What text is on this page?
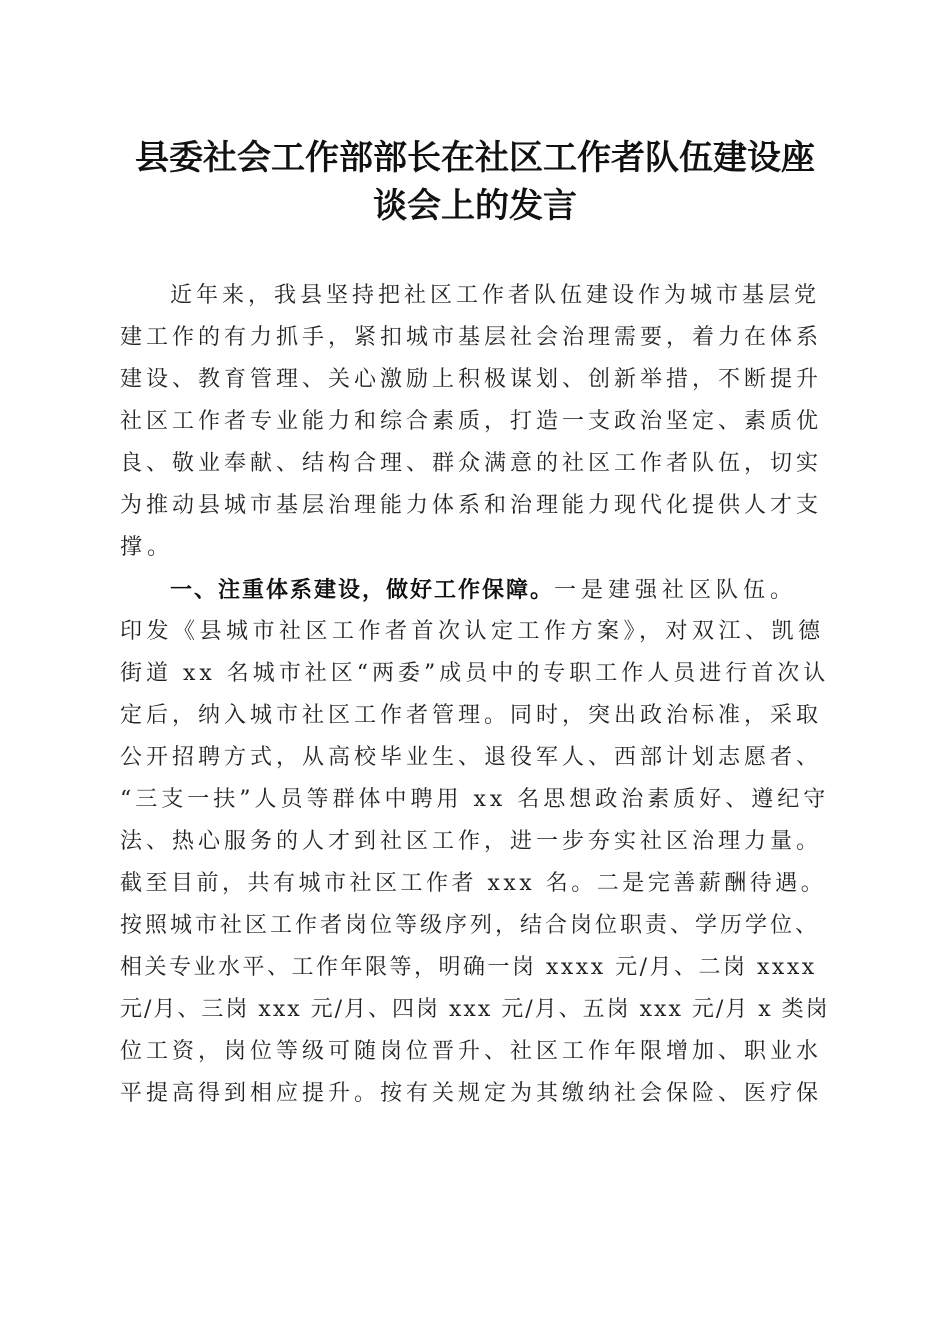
县委社会工作部部长在社区工作者队伍建设座
谈会上的发言
近年来，我县坚持把社区工作者队伍建设作为城市基层党
建工作的有力抓手，紧扣城市基层社会治理需要，着力在体系
建设、教育管理、关心激励上积极谋划、创新举措，不断提升
社区工作者专业能力和综合素质，打造一支政治坚定、素质优
良、敬业奉献、结构合理、群众满意的社区工作者队伍，切实
为推动县城市基层治理能力体系和治理能力现代化提供人才支
撑。
一、注重体系建设，做好工作保障。一是建强社区队伍。
印发《县城市社区工作者首次认定工作方案》，对双江、凯德
街道 xx 名城市社区“两委”成员中的专职工作人员进行首次认
定后，纳入城市社区工作者管理。同时，突出政治标准，采取
公开招聘方式，从高校毕业生、退役军人、西部计划志愿者、
“三支一扶”人员等群体中聘用 xx 名思想政治素质好、遵纪守
法、热心服务的人才到社区工作，进一步夯实社区治理力量。
截至目前，共有城市社区工作者 xxx 名。二是完善薪酬待遇。
按照城市社区工作者岗位等级序列，结合岗位职责、学历学位、
相关专业水平、工作年限等，明确一岗 xxxx 元/月、二岗 xxxx
元/月、三岗 xxx 元/月、四岗 xxx 元/月、五岗 xxx 元/月 x 类岗
位工资，岗位等级可随岗位晋升、社区工作年限增加、职业水
平提高得到相应提升。按有关规定为其缴纳社会保险、医疗保
